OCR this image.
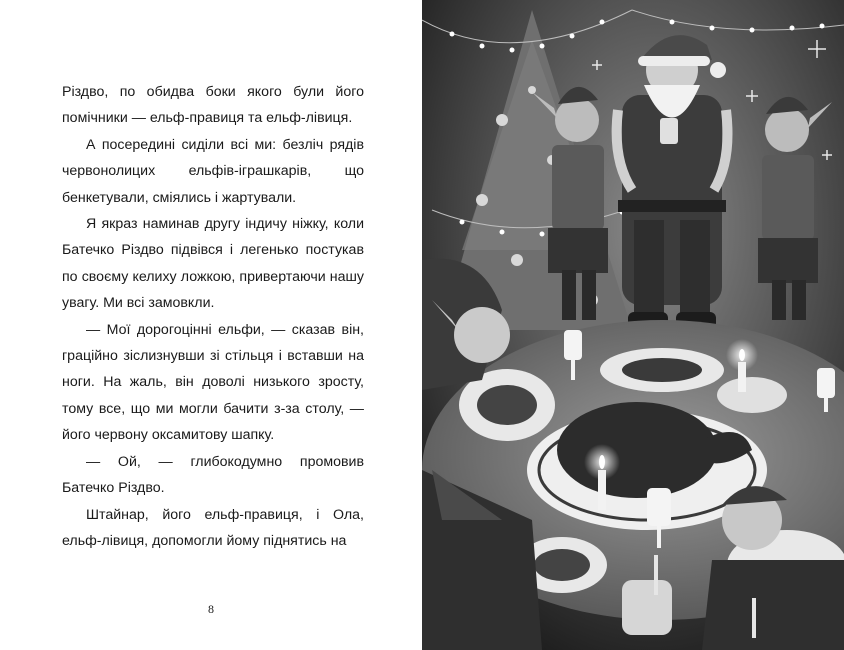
Різдво, по обидва боки якого були його помічники — ельф-правиця та ельф-лівиця.

А посередині сиділи всі ми: безліч рядів червонолицих ельфів-іграшкарів, що бенкетували, сміялись і жартували.

Я якраз наминав другу індичу ніжку, коли Батечко Різдво підвівся і легенько постукав по своєму келиху ложкою, привертаючи нашу увагу. Ми всі замовкли.

— Мої дорогоцінні ельфи, — сказав він, граційно зіслизнувши зі стільця і вставши на ноги. На жаль, він доволі низького зросту, тому все, що ми могли бачити з-за столу, — його червону оксамитову шапку.

— Ой, — глибокодумно промовив Батечко Різдво.

Штайнар, його ельф-правиця, і Ола, ельф-лівиця, допомогли йому піднятись на

8
